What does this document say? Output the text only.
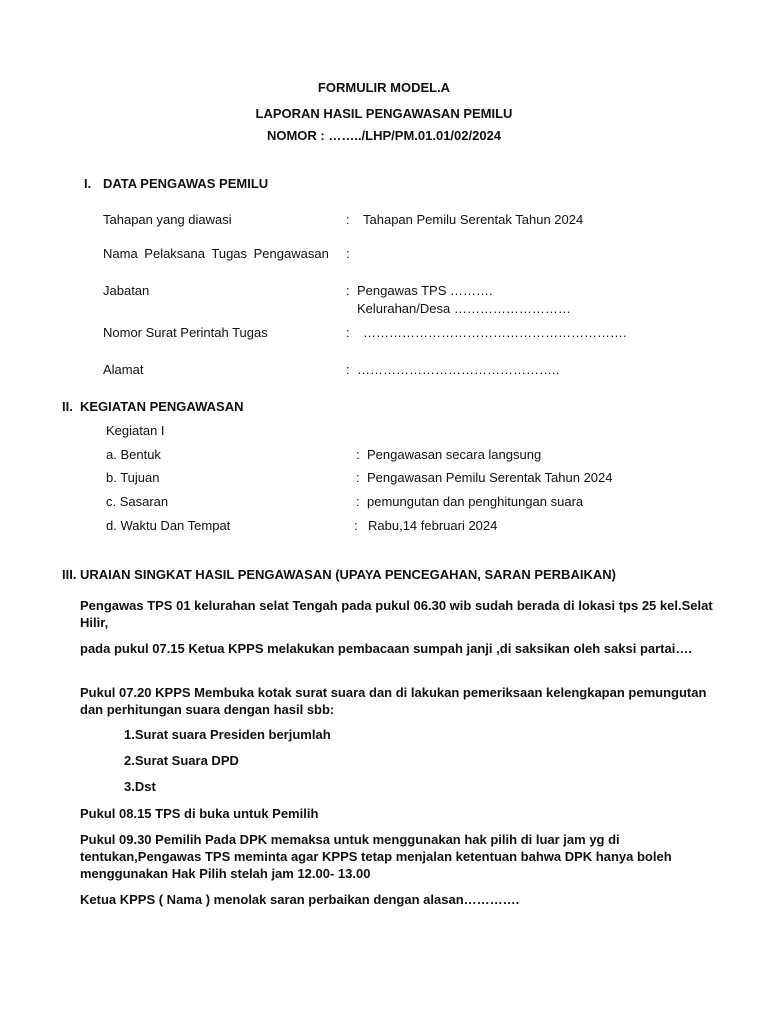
FORMULIR MODEL.A
LAPORAN HASIL PENGAWASAN PEMILU
NOMOR : ……../LHP/PM.01.01/02/2024
I. DATA PENGAWAS PEMILU
Tahapan yang diawasi	: Tahapan Pemilu Serentak Tahun 2024
Nama Pelaksana Tugas Pengawasan :
Jabatan	: Pengawas TPS ……….
Kelurahan/Desa ………………………
Nomor Surat Perintah Tugas	: …………………………………………………….
Alamat	: ………………………………………..
II. KEGIATAN PENGAWASAN
Kegiatan I
a. Bentuk	: Pengawasan secara langsung
b. Tujuan	: Pengawasan Pemilu Serentak Tahun 2024
c. Sasaran	: pemungutan dan penghitungan suara
d. Waktu Dan Tempat	: Rabu,14 februari 2024
III. URAIAN SINGKAT HASIL PENGAWASAN (UPAYA PENCEGAHAN, SARAN PERBAIKAN)
Pengawas TPS 01 kelurahan selat Tengah pada pukul 06.30 wib sudah berada di lokasi tps 25 kel.Selat Hilir,
pada pukul 07.15 Ketua KPPS melakukan pembacaan sumpah janji ,di saksikan oleh saksi partai….
Pukul 07.20 KPPS Membuka kotak surat suara dan di lakukan pemeriksaan kelengkapan pemungutan dan perhitungan suara dengan hasil sbb:
1.Surat suara Presiden berjumlah
2.Surat Suara DPD
3.Dst
Pukul 08.15 TPS di buka untuk Pemilih
Pukul 09.30 Pemilih Pada DPK memaksa untuk menggunakan hak pilih di luar jam yg di tentukan,Pengawas TPS meminta agar KPPS tetap menjalan ketentuan bahwa DPK hanya boleh menggunakan Hak Pilih stelah jam 12.00- 13.00
Ketua KPPS ( Nama ) menolak saran perbaikan dengan alasan………….
